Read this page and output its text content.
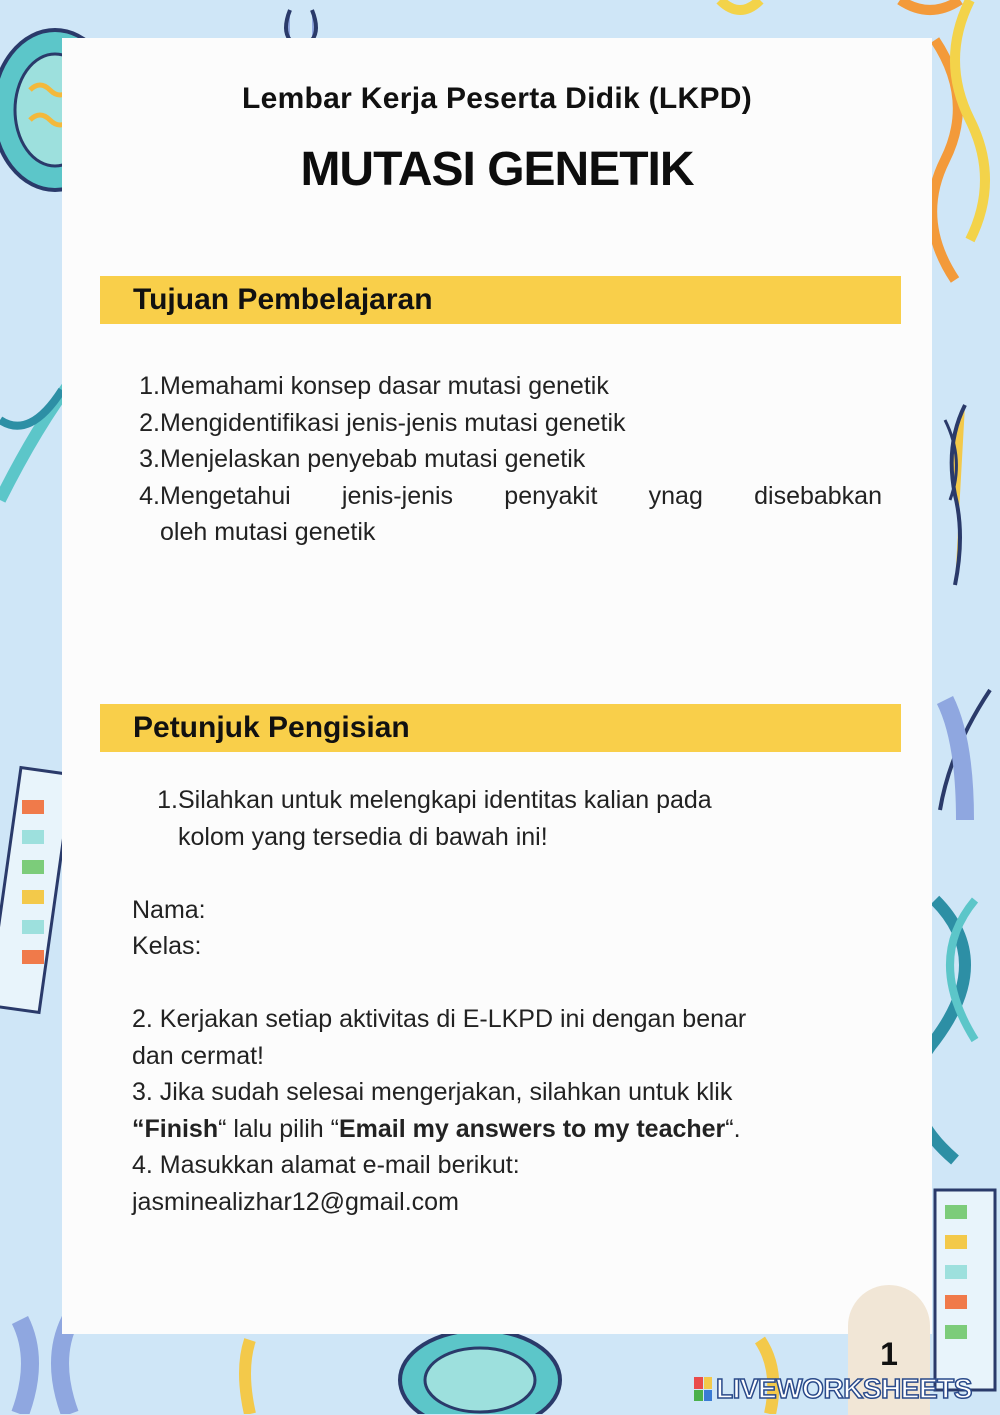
Lembar Kerja Peserta Didik (LKPD)
MUTASI GENETIK
Tujuan Pembelajaran
1. Memahami konsep dasar mutasi genetik
2. Mengidentifikasi jenis-jenis mutasi genetik
3. Menjelaskan penyebab mutasi genetik
4. Mengetahui jenis-jenis penyakit ynag disebabkan
oleh mutasi genetik
Petunjuk Pengisian
1. Silahkan untuk melengkapi identitas kalian pada
kolom yang tersedia di bawah ini!
Nama:
Kelas:
2. Kerjakan setiap aktivitas di E-LKPD ini dengan benar
dan cermat!
3. Jika sudah selesai mengerjakan, silahkan untuk klik
“Finish“ lalu pilih “Email my answers to my teacher“.
4. Masukkan alamat e-mail berikut:
jasminealizhar12@gmail.com
1
LIVEWORKSHEETS
